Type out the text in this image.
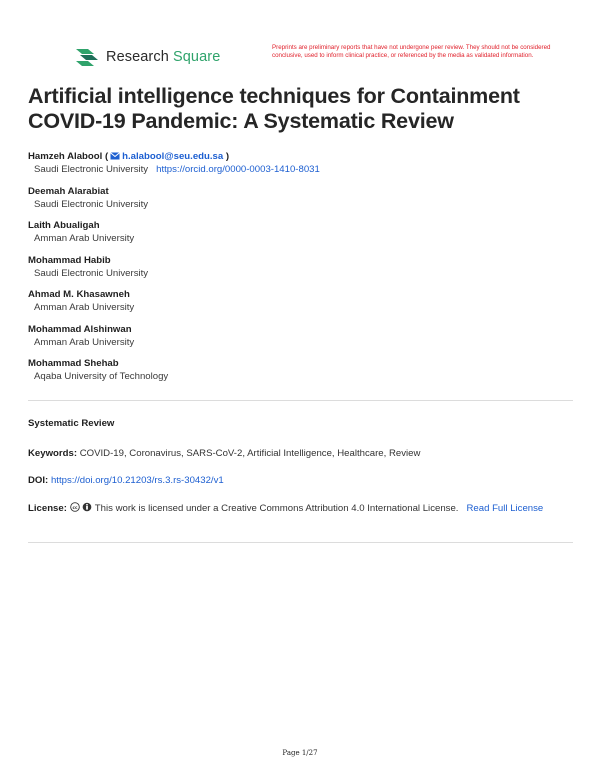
Research Square
Preprints are preliminary reports that have not undergone peer review. They should not be considered conclusive, used to inform clinical practice, or referenced by the media as validated information.
Artificial intelligence techniques for Containment COVID-19 Pandemic: A Systematic Review
Hamzeh Alabool ( h.alabool@seu.edu.sa )
Saudi Electronic University https://orcid.org/0000-0003-1410-8031
Deemah Alarabiat
Saudi Electronic University
Laith Abualigah
Amman Arab University
Mohammad Habib
Saudi Electronic University
Ahmad M. Khasawneh
Amman Arab University
Mohammad Alshinwan
Amman Arab University
Mohammad Shehab
Aqaba University of Technology
Systematic Review
Keywords: COVID-19, Coronavirus, SARS-CoV-2, Artificial Intelligence, Healthcare, Review
DOI: https://doi.org/10.21203/rs.3.rs-30432/v1
License: cc This work is licensed under a Creative Commons Attribution 4.0 International License. Read Full License
Page 1/27
